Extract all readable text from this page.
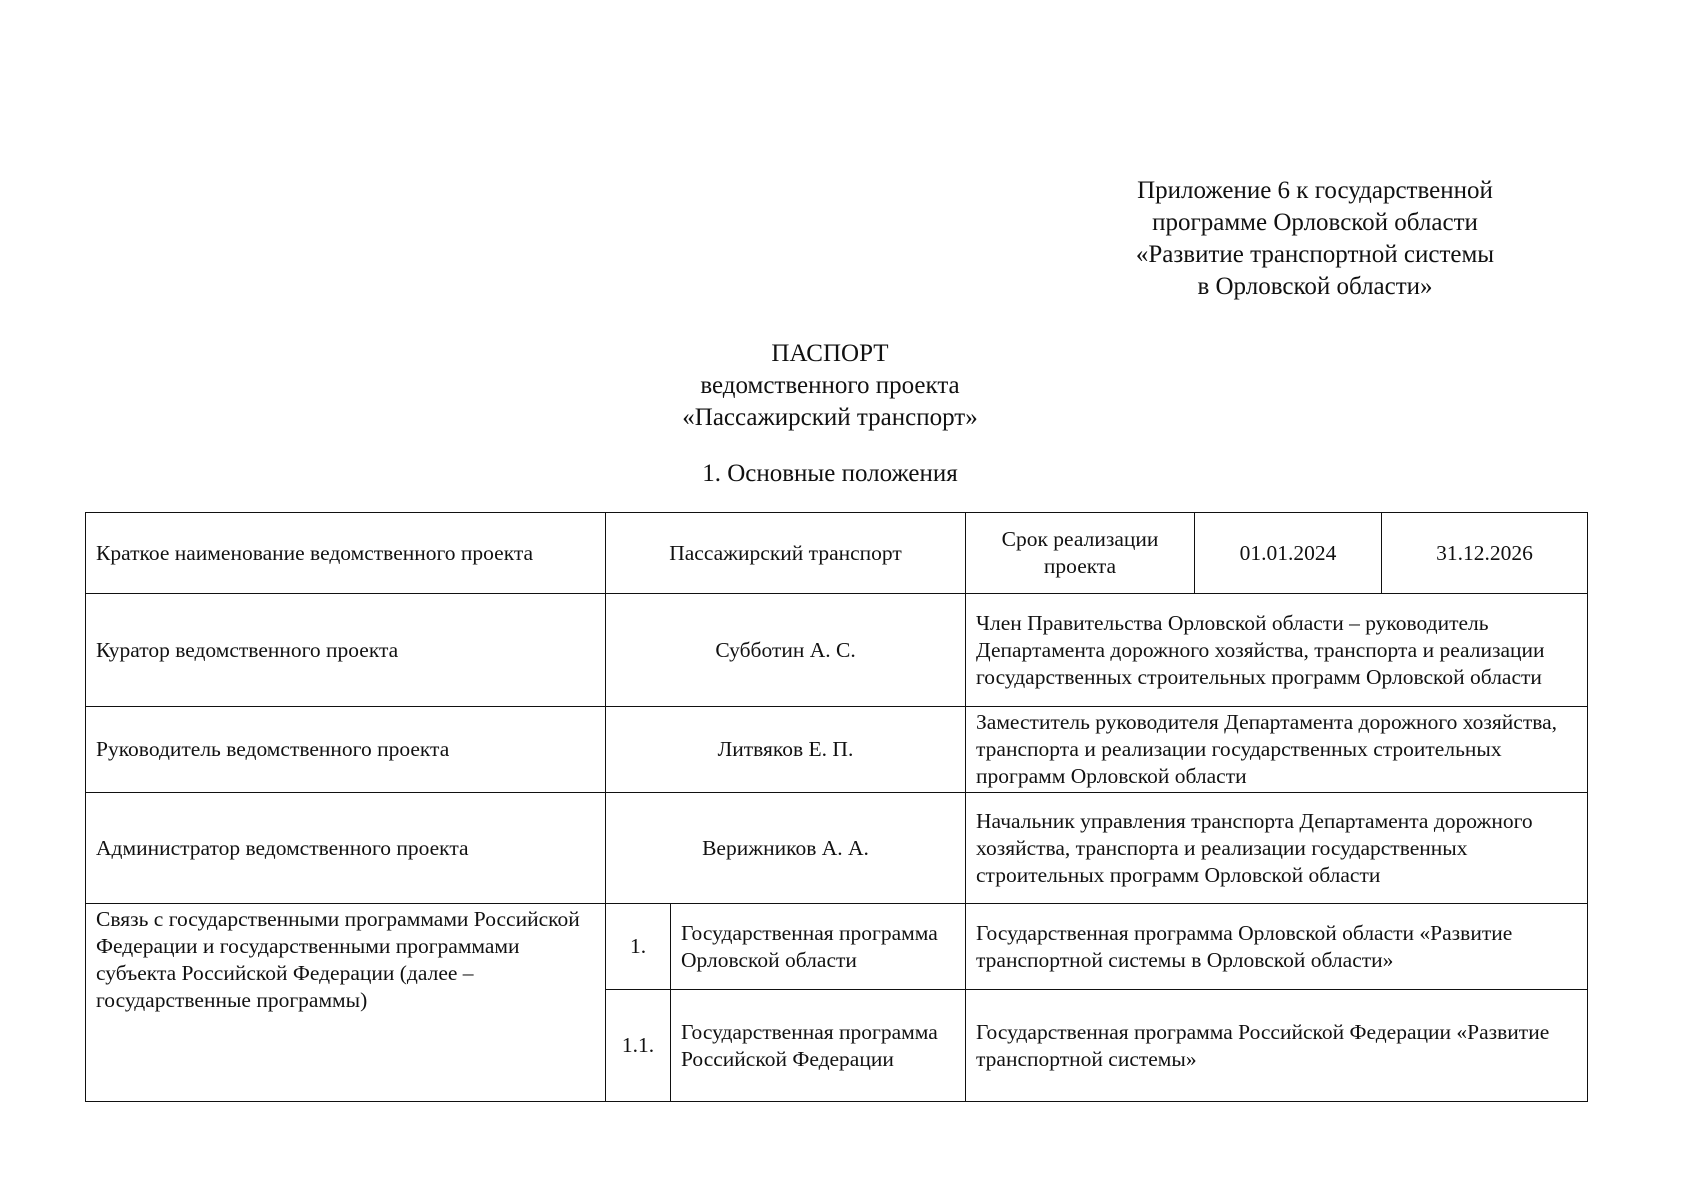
Приложение 6 к государственной
программе Орловской области
«Развитие транспортной системы
в Орловской области»
ПАСПОРТ
ведомственного проекта
«Пассажирский транспорт»
1. Основные положения
Краткое наименование ведомственного проекта	Пассажирский транспорт		Срок реализации проекта	01.01.2024	31.12.2026
Куратор ведомственного проекта	Субботин А. С.		Член Правительства Орловской области – руководитель Департамента дорожного хозяйства, транспорта и реализации государственных строительных программ Орловской области		
Руководитель ведомственного проекта	Литвяков Е. П.		Заместитель руководителя Департамента дорожного хозяйства, транспорта и реализации государственных строительных программ Орловской области		
Администратор ведомственного проекта	Верижников А. А.		Начальник управления транспорта Департамента дорожного хозяйства, транспорта и реализации государственных строительных программ Орловской области		
Связь с государственными программами Российской Федерации и государственными программами субъекта Российской Федерации (далее – государственные программы)	1.	Государственная программа Орловской области	Государственная программа Орловской области «Развитие транспортной системы в Орловской области»		
	1.1.	Государственная программа Российской Федерации	Государственная программа Российской Федерации «Развитие транспортной системы»		
